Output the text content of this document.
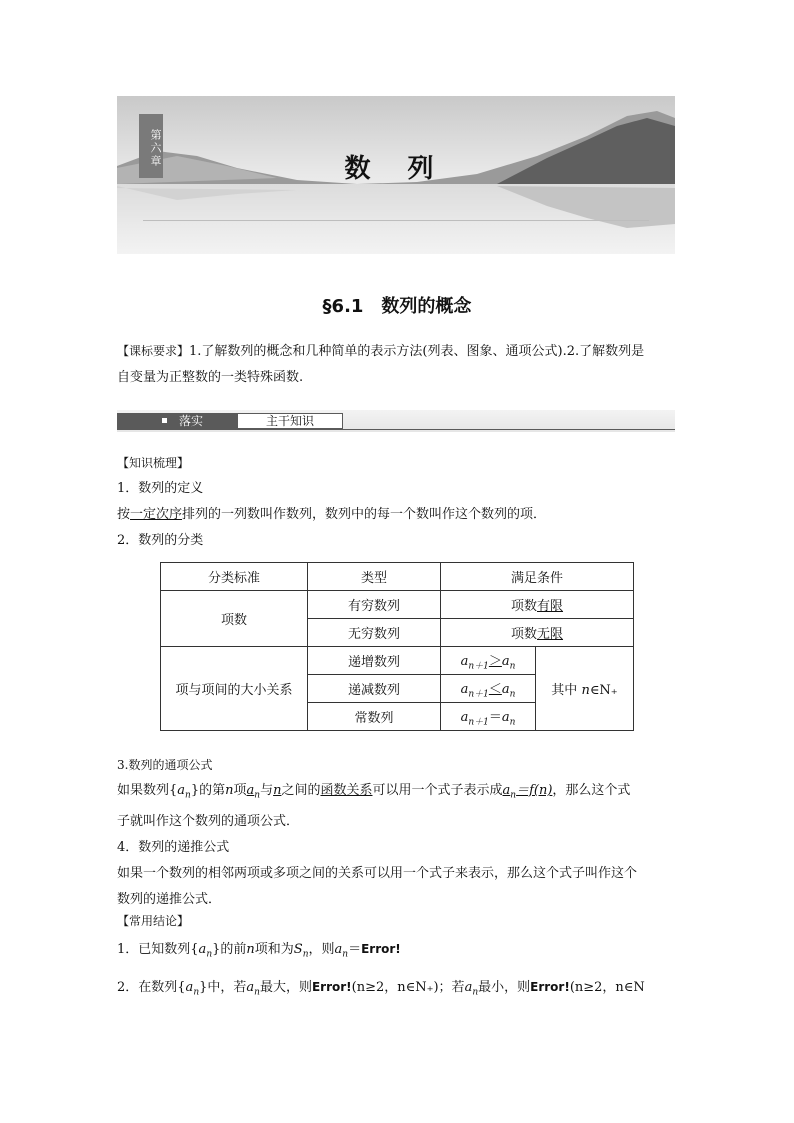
第六章
数 列
§6.1　数列的概念
【课标要求】1.了解数列的概念和几种简单的表示方法(列表、图象、通项公式).2.了解数列是
自变量为正整数的一类特殊函数.
落实	主干知识
【知识梳理】
1．数列的定义
按一定次序排列的一列数叫作数列，数列中的每一个数叫作这个数列的项．
2．数列的分类
分类标准	类型	满足条件	
项数	有穷数列	项数有限	
	无穷数列	项数无限	
项与项间的大小关系	递增数列	$a_{n+1}>a_n$	其中 n∈N₊
	递减数列	$a_{n+1}<a_n$
	常数列	$a_{n+1}=a_n$
3.数列的通项公式
如果数列$\{a_n\}$的第n项$a_n$与n之间的函数关系可以用一个式子表示成$a_n=f(n)$，那么这个式
子就叫作这个数列的通项公式．
4．数列的递推公式
如果一个数列的相邻两项或多项之间的关系可以用一个式子来表示，那么这个式子叫作这个
数列的递推公式．
【常用结论】
1．已知数列$\{a_n\}$的前n项和为$S_n$，则$a_n=Error$!
2．在数列$\{a_n\}$中，若$a_n$最大，则Error!(n≥2，n∈N₊)；若$a_n$最小，则Error!(n≥2，n∈N
